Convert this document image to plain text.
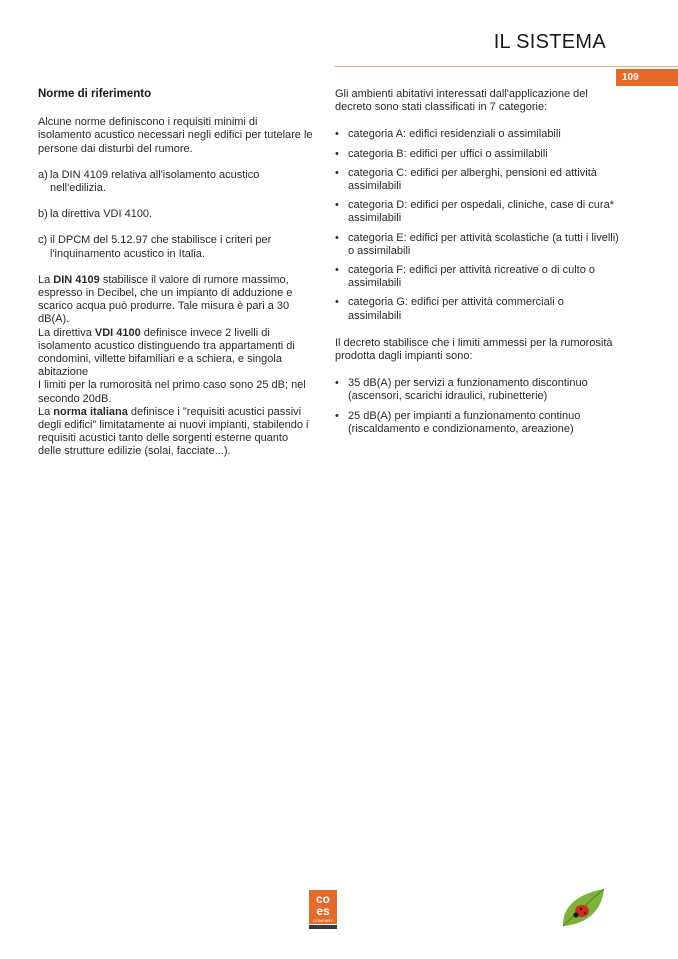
IL SISTEMA
109
Norme di riferimento

Alcune norme definiscono i requisiti minimi di isolamento acustico necessari negli edifici per tutelare le persone dai disturbi del rumore.

a) la DIN 4109 relativa all'isolamento acustico nell'edilizia.
b) la direttiva VDI 4100.
c) il DPCM del 5.12.97 che stabilisce i criteri per l'inquinamento acustico in Italia.

La DIN 4109 stabilisce il valore di rumore massimo, espresso in Decibel, che un impianto di adduzione e scarico acqua può produrre. Tale misura è pari a 30 dB(A).

La direttiva VDI 4100 definisce invece 2 livelli di isolamento acustico distinguendo tra appartamenti di condomini, villette bifamiliari e a schiera, e singola abitazione

I limiti per la rumorosità nel primo caso sono 25 dB; nel secondo 20dB.

La norma italiana definisce i "requisiti acustici passivi degli edifici" limitatamente ai nuovi impianti, stabilendo i requisiti acustici tanto delle sorgenti esterne quanto delle strutture edilizie (solai, facciate...).

Gli ambienti abitativi interessati dall'applicazione del decreto sono stati classificati in 7 categorie:

• categoria A: edifici residenziali o assimilabili
• categoria B: edifici per uffici o assimilabili
• categoria C: edifici per alberghi, pensioni ed attività assimilabili
• categoria D: edifici per ospedali, cliniche, case di cura* assimilabili
• categoria E: edifici per attività scolastiche (a tutti i livelli) o assimilabili
• categoria F: edifici per attività ricreative o di culto o assimilabili
• categoria G: edifici per attività commerciali o assimilabili

Il decreto stabilisce che i limiti ammessi per la rumorosità prodotta dagli impianti sono:

• 35 dB(A) per servizi a funzionamento discontinuo (ascensori, scarichi idraulici, rubinetterie)
• 25 dB(A) per impianti a funzionamento continuo (riscaldamento e condizionamento, areazione)
co
es
COMPANY
